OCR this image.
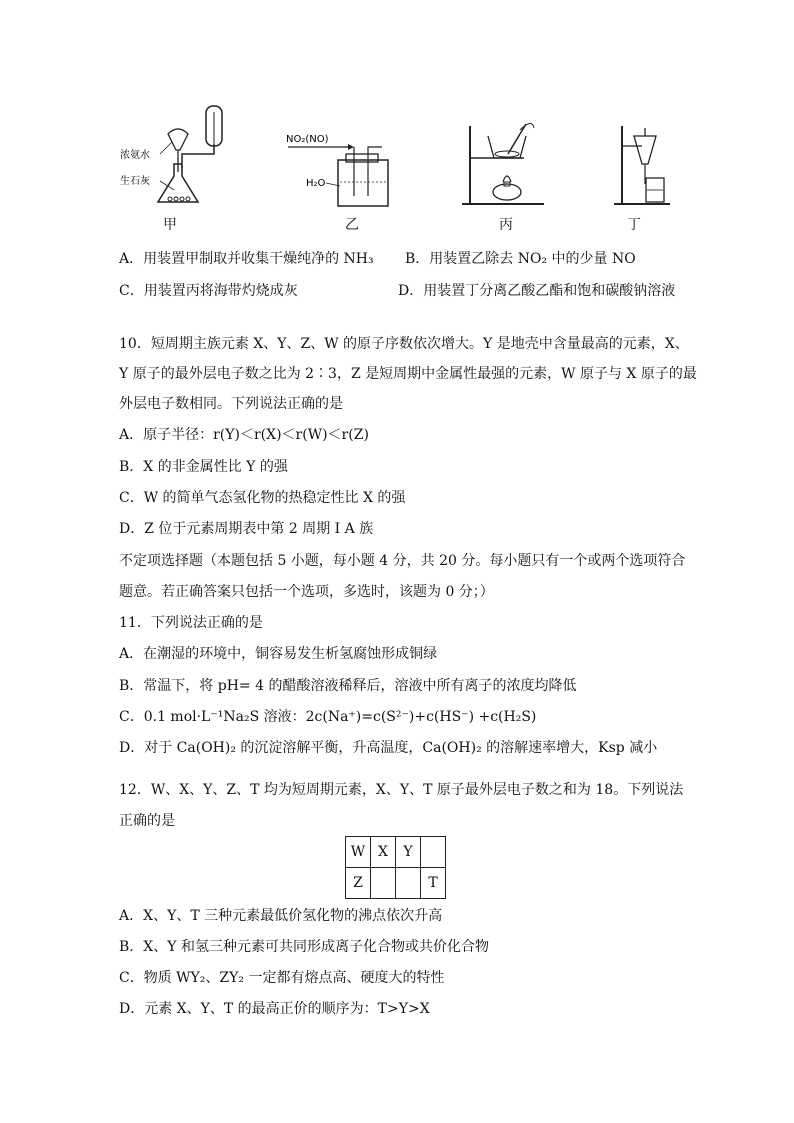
浓氨水
生石灰
NO₂(NO)
H₂O
甲	乙	丙	丁
A．用装置甲制取并收集干燥纯净的 NH₃ B．用装置乙除去 NO₂ 中的少量 NO
C．用装置丙将海带灼烧成灰	D．用装置丁分离乙酸乙酯和饱和碳酸钠溶液
10．短周期主族元素 X、Y、Z、W 的原子序数依次增大。Y 是地壳中含量最高的元素，X、
Y 原子的最外层电子数之比为 2∶3，Z 是短周期中金属性最强的元素，W 原子与 X 原子的最
外层电子数相同。下列说法正确的是
A．原子半径：r(Y)＜r(X)＜r(W)＜r(Z)
B．X 的非金属性比 Y 的强
C．W 的简单气态氢化物的热稳定性比 X 的强
D．Z 位于元素周期表中第 2 周期 I A 族
不定项选择题（本题包括 5 小题，每小题 4 分，共 20 分。每小题只有一个或两个选项符合
题意。若正确答案只包括一个选项，多选时，该题为 0 分；）
11．下列说法正确的是
A．在潮湿的环境中，铜容易发生析氢腐蚀形成铜绿
B．常温下，将 pH= 4 的醋酸溶液稀释后，溶液中所有离子的浓度均降低
C．0.1 mol·L⁻¹Na₂S 溶液：2c(Na⁺)=c(S²⁻)+c(HS⁻) +c(H₂S)
D．对于 Ca(OH)₂ 的沉淀溶解平衡，升高温度，Ca(OH)₂ 的溶解速率增大，Ksp 减小
12．W、X、Y、Z、T 均为短周期元素，X、Y、T 原子最外层电子数之和为 18。下列说法
正确的是
W	X	Y	
Z			T
A．X、Y、T 三种元素最低价氢化物的沸点依次升高
B．X、Y 和氢三种元素可共同形成离子化合物或共价化合物
C．物质 WY₂、ZY₂ 一定都有熔点高、硬度大的特性
D．元素 X、Y、T 的最高正价的顺序为：T>Y>X
